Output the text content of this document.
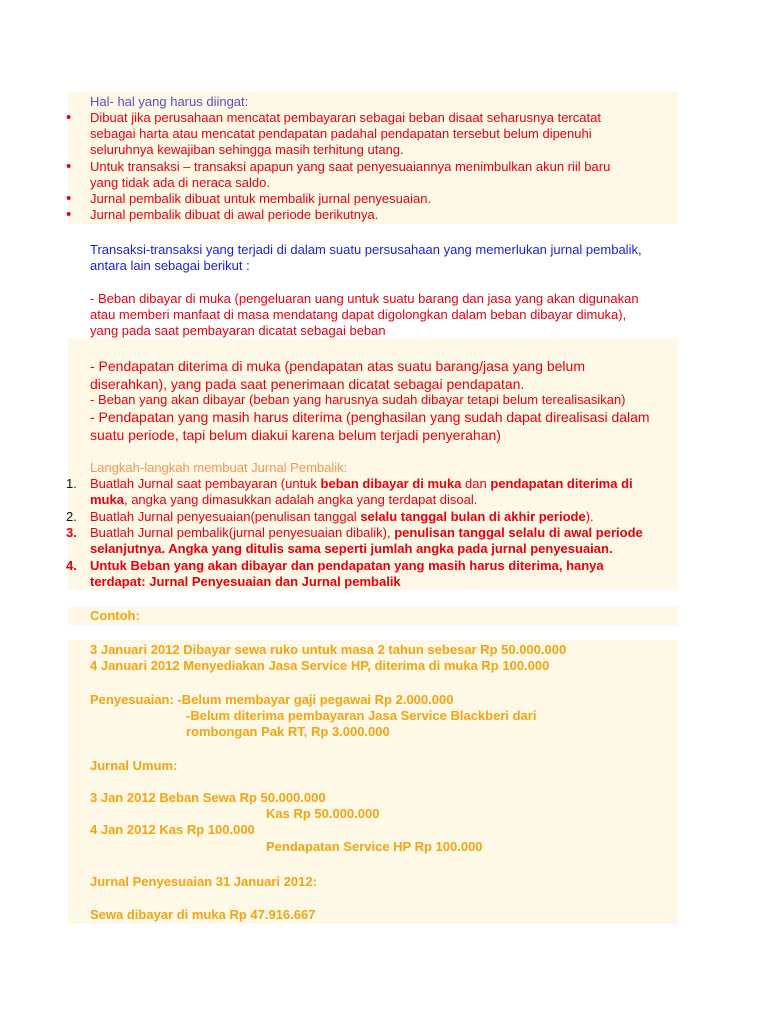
Hal- hal yang harus diingat:
• Dibuat jika perusahaan mencatat pembayaran sebagai beban disaat seharusnya tercatat
sebagai harta atau mencatat pendapatan padahal pendapatan tersebut belum dipenuhi
seluruhnya kewajiban sehingga masih terhitung utang.
• Untuk transaksi – transaksi apapun yang saat penyesuaiannya menimbulkan akun riil baru
yang tidak ada di neraca saldo.
• Jurnal pembalik dibuat untuk membalik jurnal penyesuaian.
• Jurnal pembalik dibuat di awal periode berikutnya.
Transaksi-transaksi yang terjadi di dalam suatu persusahaan yang memerlukan jurnal pembalik,
antara lain sebagai berikut :
- Beban dibayar di muka (pengeluaran uang untuk suatu barang dan jasa yang akan digunakan
atau memberi manfaat di masa mendatang dapat digolongkan dalam beban dibayar dimuka),
yang pada saat pembayaran dicatat sebagai beban
- Pendapatan diterima di muka (pendapatan atas suatu barang/jasa yang belum
diserahkan), yang pada saat penerimaan dicatat sebagai pendapatan.
- Beban yang akan dibayar (beban yang harusnya sudah dibayar tetapi belum terealisasikan)
- Pendapatan yang masih harus diterima (penghasilan yang sudah dapat direalisasi dalam
suatu periode, tapi belum diakui karena belum terjadi penyerahan)
Langkah-langkah membuat Jurnal Pembalik:
1. Buatlah Jurnal saat pembayaran (untuk beban dibayar di muka dan pendapatan diterima di
muka, angka yang dimasukkan adalah angka yang terdapat disoal.
2. Buatlah Jurnal penyesuaian(penulisan tanggal selalu tanggal bulan di akhir periode).
3. Buatlah Jurnal pembalik(jurnal penyesuaian dibalik), penulisan tanggal selalu di awal periode
selanjutnya. Angka yang ditulis sama seperti jumlah angka pada jurnal penyesuaian.
4. Untuk Beban yang akan dibayar dan pendapatan yang masih harus diterima, hanya
terdapat: Jurnal Penyesuaian dan Jurnal pembalik
Contoh:
3 Januari 2012 Dibayar sewa ruko untuk masa 2 tahun sebesar Rp 50.000.000
4 Januari 2012 Menyediakan Jasa Service HP, diterima di muka Rp 100.000
Penyesuaian: -Belum membayar gaji pegawai Rp 2.000.000
-Belum diterima pembayaran Jasa Service Blackberi dari
rombongan Pak RT, Rp 3.000.000
Jurnal Umum:
3 Jan 2012 Beban Sewa Rp 50.000.000
Kas Rp 50.000.000
4 Jan 2012 Kas Rp 100.000
Pendapatan Service HP Rp 100.000
Jurnal Penyesuaian 31 Januari 2012:
Sewa dibayar di muka Rp 47.916.667
